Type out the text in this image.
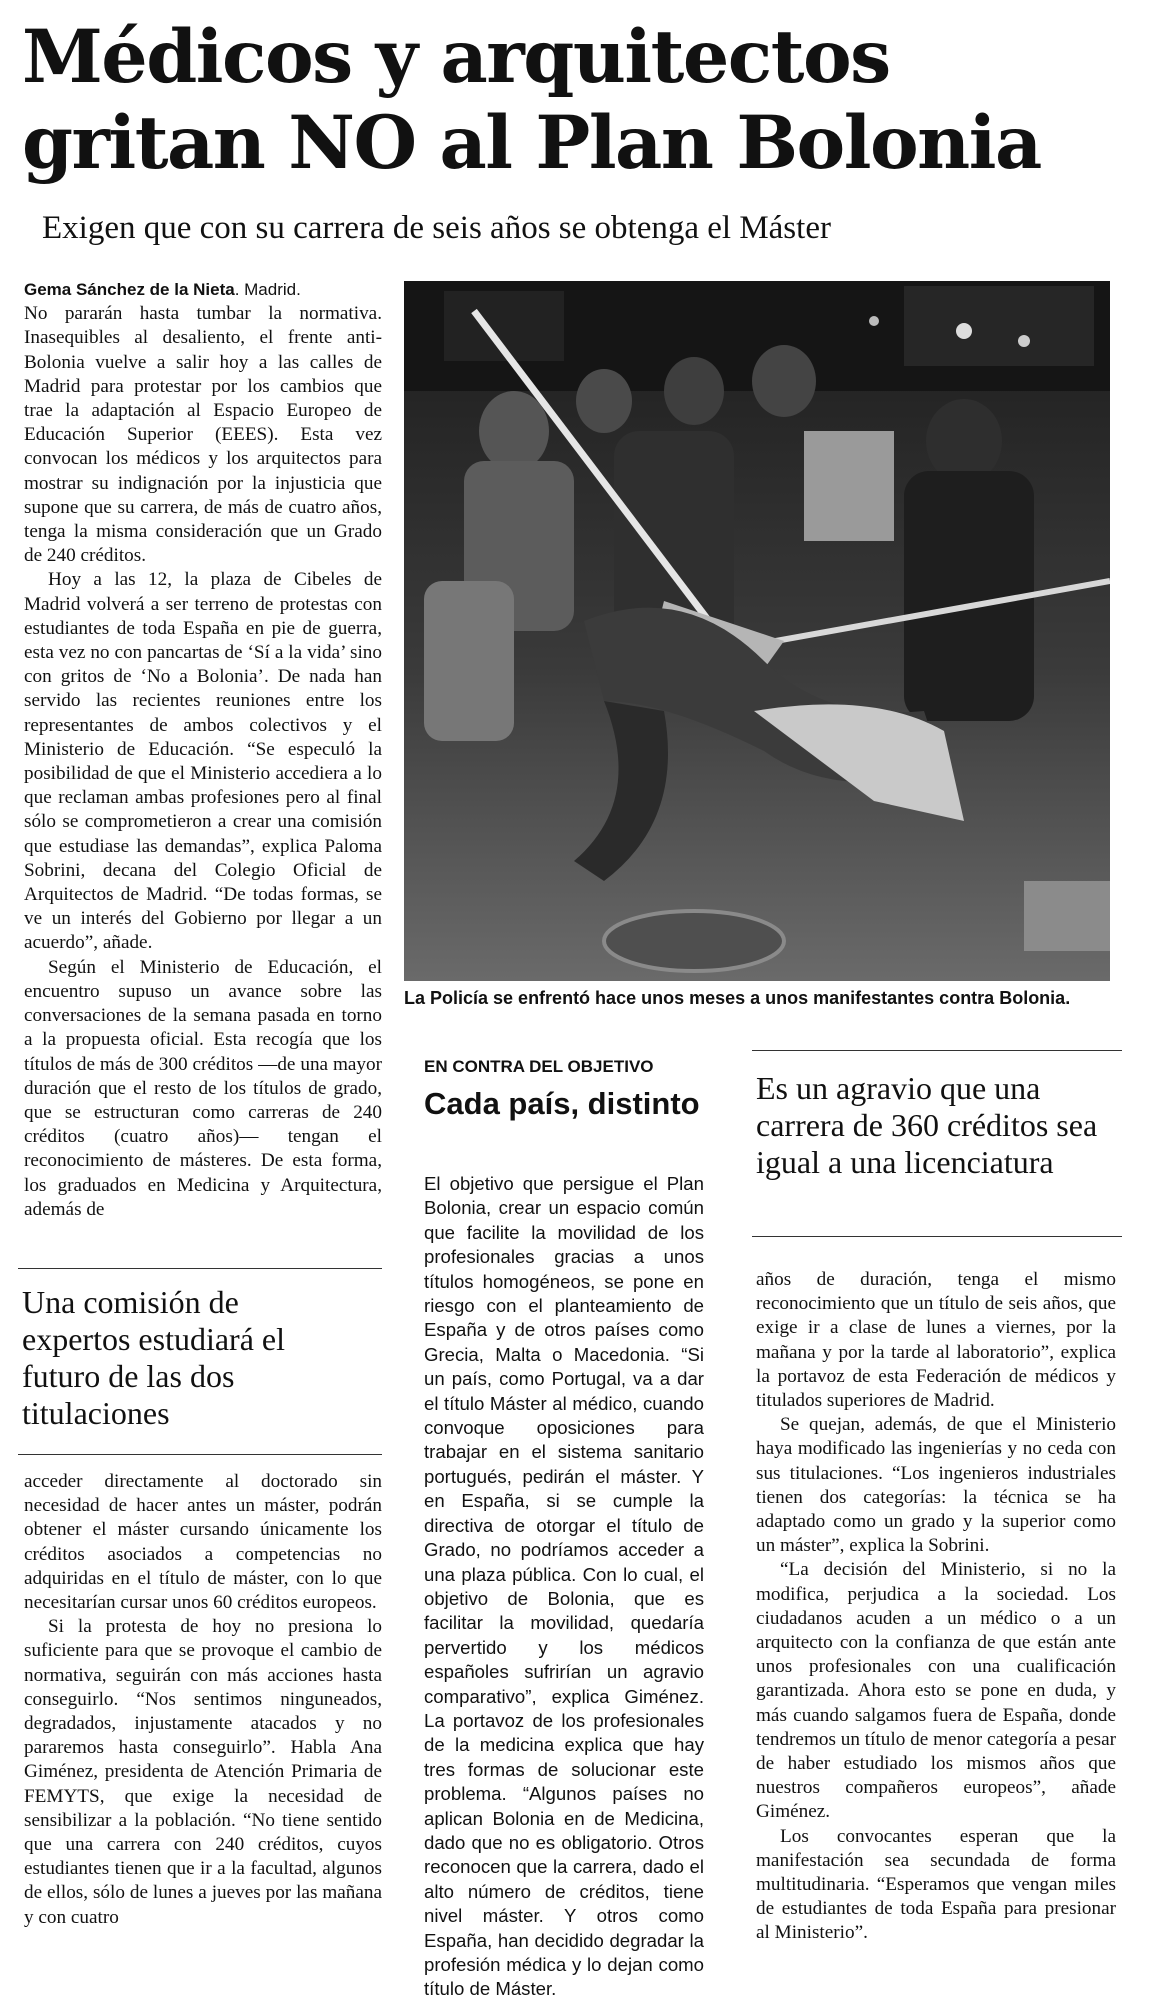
Médicos y arquitectos gritan NO al Plan Bolonia

Exigen que con su carrera de seis años se obtenga el Máster

Gema Sánchez de la Nieta. Madrid.

No pararán hasta tumbar la normativa. Inasequibles al desaliento, el frente anti-Bolonia vuelve a salir hoy a las calles de Madrid para protestar por los cambios que trae la adaptación al Espacio Europeo de Educación Superior (EEES). Esta vez convocan los médicos y los arquitectos para mostrar su indignación por la injusticia que supone que su carrera, de más de cuatro años, tenga la misma consideración que un Grado de 240 créditos.

Hoy a las 12, la plaza de Cibeles de Madrid volverá a ser terreno de protestas con estudiantes de toda España en pie de guerra, esta vez no con pancartas de ‘Sí a la vida’ sino con gritos de ‘No a Bolonia’. De nada han servido las recientes reuniones entre los representantes de ambos colectivos y el Ministerio de Educación. “Se especuló la posibilidad de que el Ministerio accediera a lo que reclaman ambas profesiones pero al final sólo se comprometieron a crear una comisión que estudiase las demandas”, explica Paloma Sobrini, decana del Colegio Oficial de Arquitectos de Madrid. “De todas formas, se ve un interés del Gobierno por llegar a un acuerdo”, añade.

Según el Ministerio de Educación, el encuentro supuso un avance sobre las conversaciones de la semana pasada en torno a la propuesta oficial. Esta recogía que los títulos de más de 300 créditos —de una mayor duración que el resto de los títulos de grado, que se estructuran como carreras de 240 créditos (cuatro años)— tengan el reconocimiento de másteres. De esta forma, los graduados en Medicina y Arquitectura, además de

Una comisión de expertos estudiará el futuro de las dos titulaciones

acceder directamente al doctorado sin necesidad de hacer antes un máster, podrán obtener el máster cursando únicamente los créditos asociados a competencias no adquiridas en el título de máster, con lo que necesitarían cursar unos 60 créditos europeos.

Si la protesta de hoy no presiona lo suficiente para que se provoque el cambio de normativa, seguirán con más acciones hasta conseguirlo. “Nos sentimos ninguneados, degradados, injustamente atacados y no pararemos hasta conseguirlo”. Habla Ana Giménez, presidenta de Atención Primaria de FEMYTS, que exige la necesidad de sensibilizar a la población. “No tiene sentido que una carrera con 240 créditos, cuyos estudiantes tienen que ir a la facultad, algunos de ellos, sólo de lunes a jueves por las mañana y con cuatro

La Policía se enfrentó hace unos meses a unos manifestantes contra Bolonia.

EN CONTRA DEL OBJETIVO

Cada país, distinto

El objetivo que persigue el Plan Bolonia, crear un espacio común que facilite la movilidad de los profesionales gracias a unos títulos homogéneos, se pone en riesgo con el planteamiento de España y de otros países como Grecia, Malta o Macedonia. “Si un país, como Portugal, va a dar el título Máster al médico, cuando convoque oposiciones para trabajar en el sistema sanitario portugués, pedirán el máster. Y en España, si se cumple la directiva de otorgar el título de Grado, no podríamos acceder a una plaza pública. Con lo cual, el objetivo de Bolonia, que es facilitar la movilidad, quedaría pervertido y los médicos españoles sufrirían un agravio comparativo”, explica Giménez. La portavoz de los profesionales de la medicina explica que hay tres formas de solucionar este problema. “Algunos países no aplican Bolonia en de Medicina, dado que no es obligatorio. Otros reconocen que la carrera, dado el alto número de créditos, tiene nivel máster. Y otros como España, han decidido degradar la profesión médica y lo dejan como título de Máster.

Es un agravio que una carrera de 360 créditos sea igual a una licenciatura

años de duración, tenga el mismo reconocimiento que un título de seis años, que exige ir a clase de lunes a viernes, por la mañana y por la tarde al laboratorio”, explica la portavoz de esta Federación de médicos y titulados superiores de Madrid.

Se quejan, además, de que el Ministerio haya modificado las ingenierías y no ceda con sus titulaciones. “Los ingenieros industriales tienen dos categorías: la técnica se ha adaptado como un grado y la superior como un máster”, explica la Sobrini.

“La decisión del Ministerio, si no la modifica, perjudica a la sociedad. Los ciudadanos acuden a un médico o a un arquitecto con la confianza de que están ante unos profesionales con una cualificación garantizada. Ahora esto se pone en duda, y más cuando salgamos fuera de España, donde tendremos un título de menor categoría a pesar de haber estudiado los mismos años que nuestros compañeros europeos”, añade Giménez.

Los convocantes esperan que la manifestación sea secundada de forma multitudinaria. “Esperamos que vengan miles de estudiantes de toda España para presionar al Ministerio”.
